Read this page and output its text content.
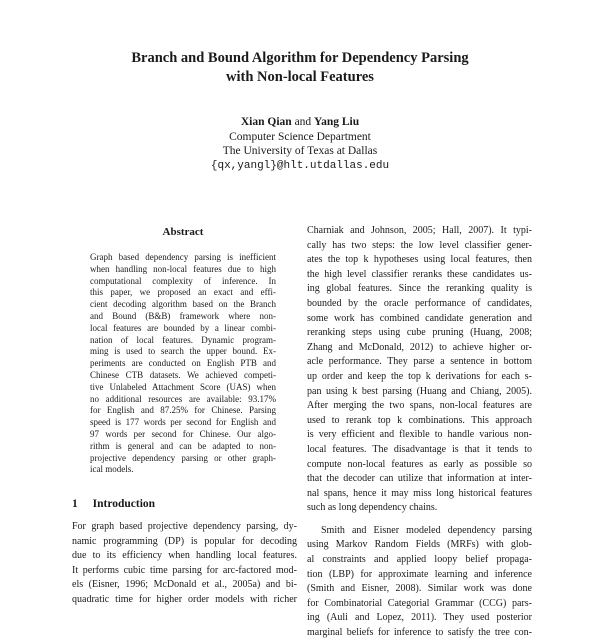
Branch and Bound Algorithm for Dependency Parsing
with Non-local Features
Xian Qian and Yang Liu
Computer Science Department
The University of Texas at Dallas
{qx,yangl}@hlt.utdallas.edu
Abstract
Graph based dependency parsing is inefficient
when handling non-local features due to high
computational complexity of inference. In
this paper, we proposed an exact and effi-
cient decoding algorithm based on the Branch
and Bound (B&B) framework where non-
local features are bounded by a linear combi-
nation of local features. Dynamic program-
ming is used to search the upper bound. Ex-
periments are conducted on English PTB and
Chinese CTB datasets. We achieved competi-
tive Unlabeled Attachment Score (UAS) when
no additional resources are available: 93.17%
for English and 87.25% for Chinese. Parsing
speed is 177 words per second for English and
97 words per second for Chinese. Our algo-
rithm is general and can be adapted to non-
projective dependency parsing or other graph-
ical models.
1 Introduction
For graph based projective dependency parsing, dy-
namic programming (DP) is popular for decoding
due to its efficiency when handling local features.
It performs cubic time parsing for arc-factored mod-
els (Eisner, 1996; McDonald et al., 2005a) and bi-
quadratic time for higher order models with richer
Charniak and Johnson, 2005; Hall, 2007). It typi-
cally has two steps: the low level classifier gener-
ates the top k hypotheses using local features, then
the high level classifier reranks these candidates us-
ing global features. Since the reranking quality is
bounded by the oracle performance of candidates,
some work has combined candidate generation and
reranking steps using cube pruning (Huang, 2008;
Zhang and McDonald, 2012) to achieve higher or-
acle performance. They parse a sentence in bottom
up order and keep the top k derivations for each s-
pan using k best parsing (Huang and Chiang, 2005).
After merging the two spans, non-local features are
used to rerank top k combinations. This approach
is very efficient and flexible to handle various non-
local features. The disadvantage is that it tends to
compute non-local features as early as possible so
that the decoder can utilize that information at inter-
nal spans, hence it may miss long historical features
such as long dependency chains.
Smith and Eisner modeled dependency parsing
using Markov Random Fields (MRFs) with glob-
al constraints and applied loopy belief propaga-
tion (LBP) for approximate learning and inference
(Smith and Eisner, 2008). Similar work was done
for Combinatorial Categorial Grammar (CCG) pars-
ing (Auli and Lopez, 2011). They used posterior
marginal beliefs for inference to satisfy the tree con-
